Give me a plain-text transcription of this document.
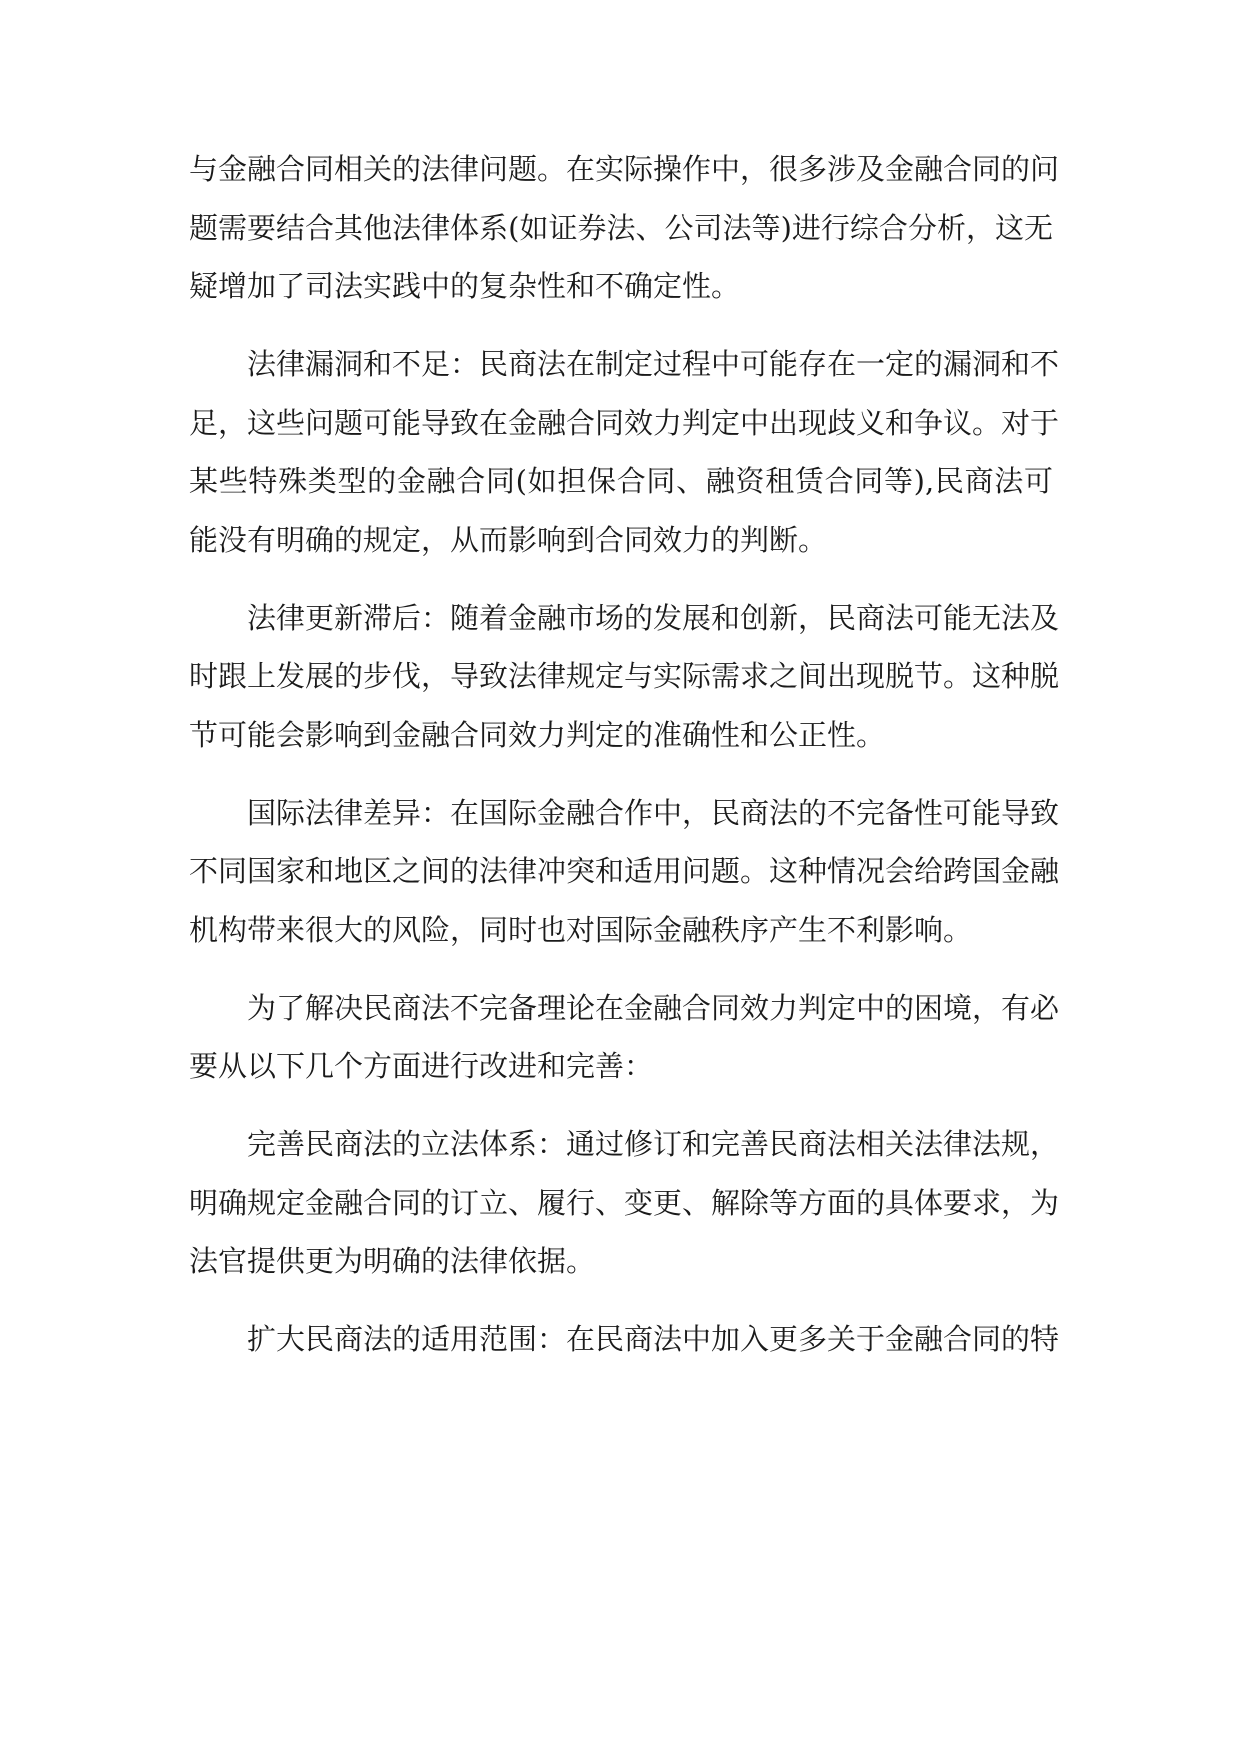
与金融合同相关的法律问题。在实际操作中，很多涉及金融合同的问
题需要结合其他法律体系(如证券法、公司法等)进行综合分析，这无
疑增加了司法实践中的复杂性和不确定性。
法律漏洞和不足：民商法在制定过程中可能存在一定的漏洞和不
足，这些问题可能导致在金融合同效力判定中出现歧义和争议。对于
某些特殊类型的金融合同(如担保合同、融资租赁合同等),民商法可
能没有明确的规定，从而影响到合同效力的判断。
法律更新滞后：随着金融市场的发展和创新，民商法可能无法及
时跟上发展的步伐，导致法律规定与实际需求之间出现脱节。这种脱
节可能会影响到金融合同效力判定的准确性和公正性。
国际法律差异：在国际金融合作中，民商法的不完备性可能导致
不同国家和地区之间的法律冲突和适用问题。这种情况会给跨国金融
机构带来很大的风险，同时也对国际金融秩序产生不利影响。
为了解决民商法不完备理论在金融合同效力判定中的困境，有必
要从以下几个方面进行改进和完善：
完善民商法的立法体系：通过修订和完善民商法相关法律法规，
明确规定金融合同的订立、履行、变更、解除等方面的具体要求，为
法官提供更为明确的法律依据。
扩大民商法的适用范围：在民商法中加入更多关于金融合同的特
